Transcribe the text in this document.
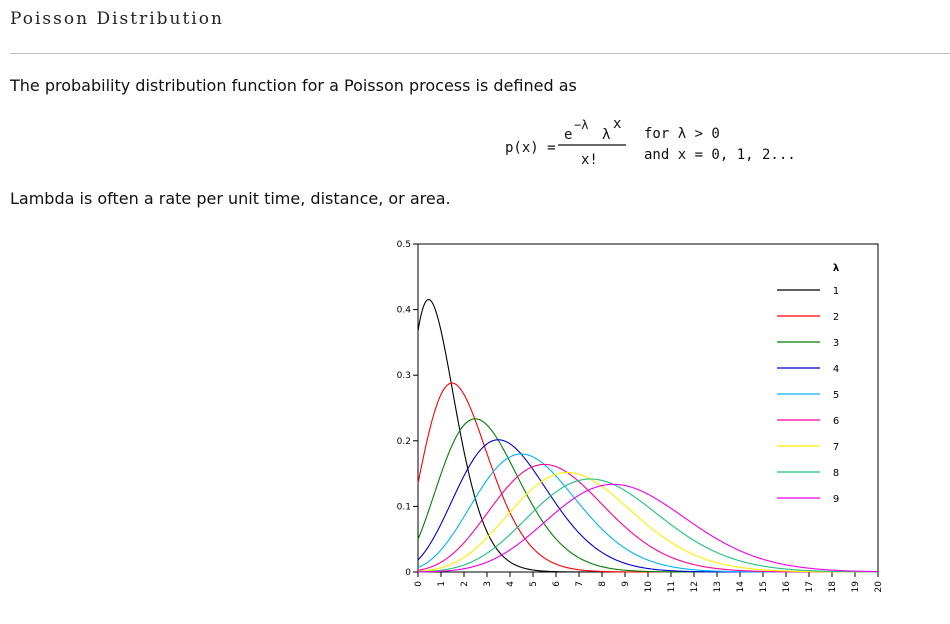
Poisson Distribution
The probability distribution function for a Poisson process is defined as
p(x) =
e
−λ
λ
x
x!
for λ > 0
and x = 0, 1, 2...
Lambda is often a rate per unit time, distance, or area.
0
0.1
0.2
0.3
0.4
0.5
0 1 2 3 4 5 6 7 8 9 10 11 12 13 14 15 16 17 18 19 20
λ
1
2
3
4
5
6
7
8
9
